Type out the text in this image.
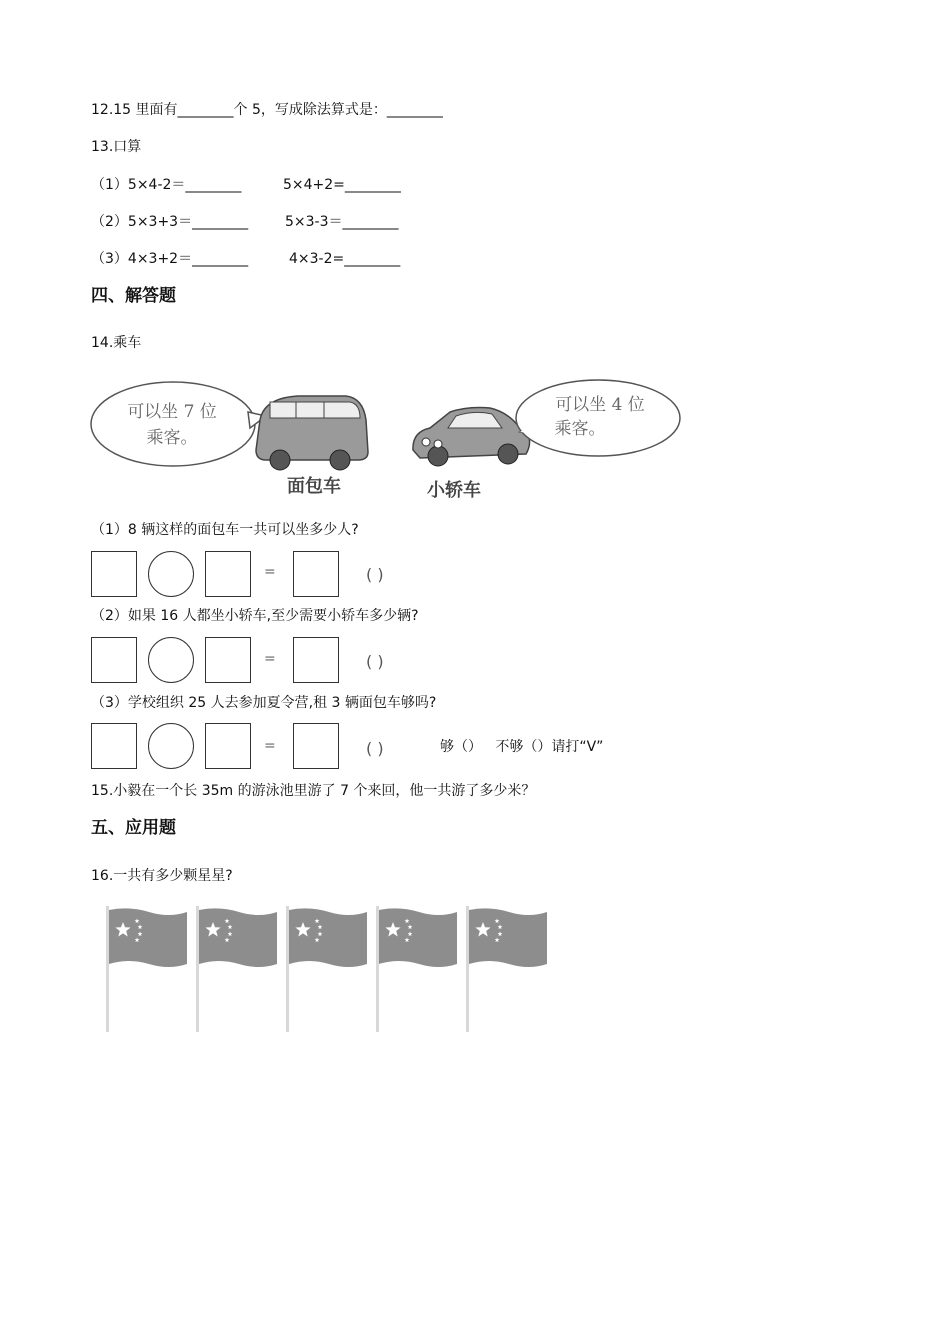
12.15 里面有________个 5，写成除法算式是：________
13.口算
（1）5×4-2＝________	5×4+2=________
（2）5×3+3＝________	5×3-3＝________
（3）4×3+2＝________	4×3-2=________
四、解答题
14.乘车
可以坐 7 位
乘客。
面包车	小轿车
可以坐 4 位
乘客。
（1）8 辆这样的面包车一共可以坐多少人?
=	( )
（2）如果 16 人都坐小轿车,至少需要小轿车多少辆?
=	( )
（3）学校组织 25 人去参加夏令营,租 3 辆面包车够吗?
=	( )	够（）   不够（）请打“V”
15.小毅在一个长 35m 的游泳池里游了 7 个来回，他一共游了多少米？
五、应用题
16.一共有多少颗星星?
